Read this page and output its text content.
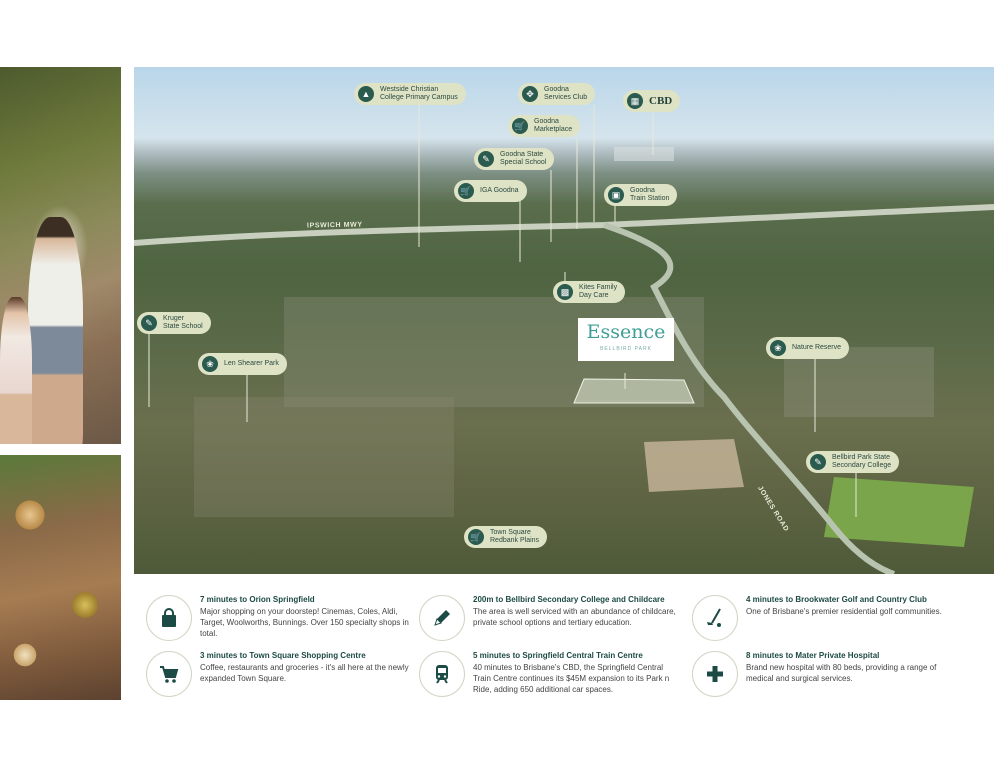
IPSWICH MWY
JONES ROAD
▲	Westside Christian
College Primary Campus	✥	Goodna
Services Club	▦ CBD
🛒	Goodna
Marketplace
✎	Goodna State
Special School
🛒	IGA Goodna	▣	Goodna
Train Station
▩	Kites Family
Day Care
✎	Kruger
State School
❀	Len Shearer Park
❀	Nature Reserve
✎	Bellbird Park State
Secondary College
🛒	Town Square
Redbank Plains
Essence
BELLBIRD PARK
7 minutes to Orion Springfield
Major shopping on your doorstep! Cinemas, Coles, Aldi, Target, Woolworths, Bunnings. Over 150 specialty shops in total.
200m to Bellbird Secondary College and Childcare
The area is well serviced with an abundance of childcare, private school options and tertiary education.
4 minutes to Brookwater Golf and Country Club
One of Brisbane's premier residential golf communities.
3 minutes to Town Square Shopping Centre
Coffee, restaurants and groceries - it's all here at the newly expanded Town Square.
5 minutes to Springfield Central Train Centre
40 minutes to Brisbane's CBD, the Springfield Central Train Centre continues its $45M expansion to its Park n Ride, adding 650 additional car spaces.
8 minutes to Mater Private Hospital
Brand new hospital with 80 beds, providing a range of medical and surgical services.
